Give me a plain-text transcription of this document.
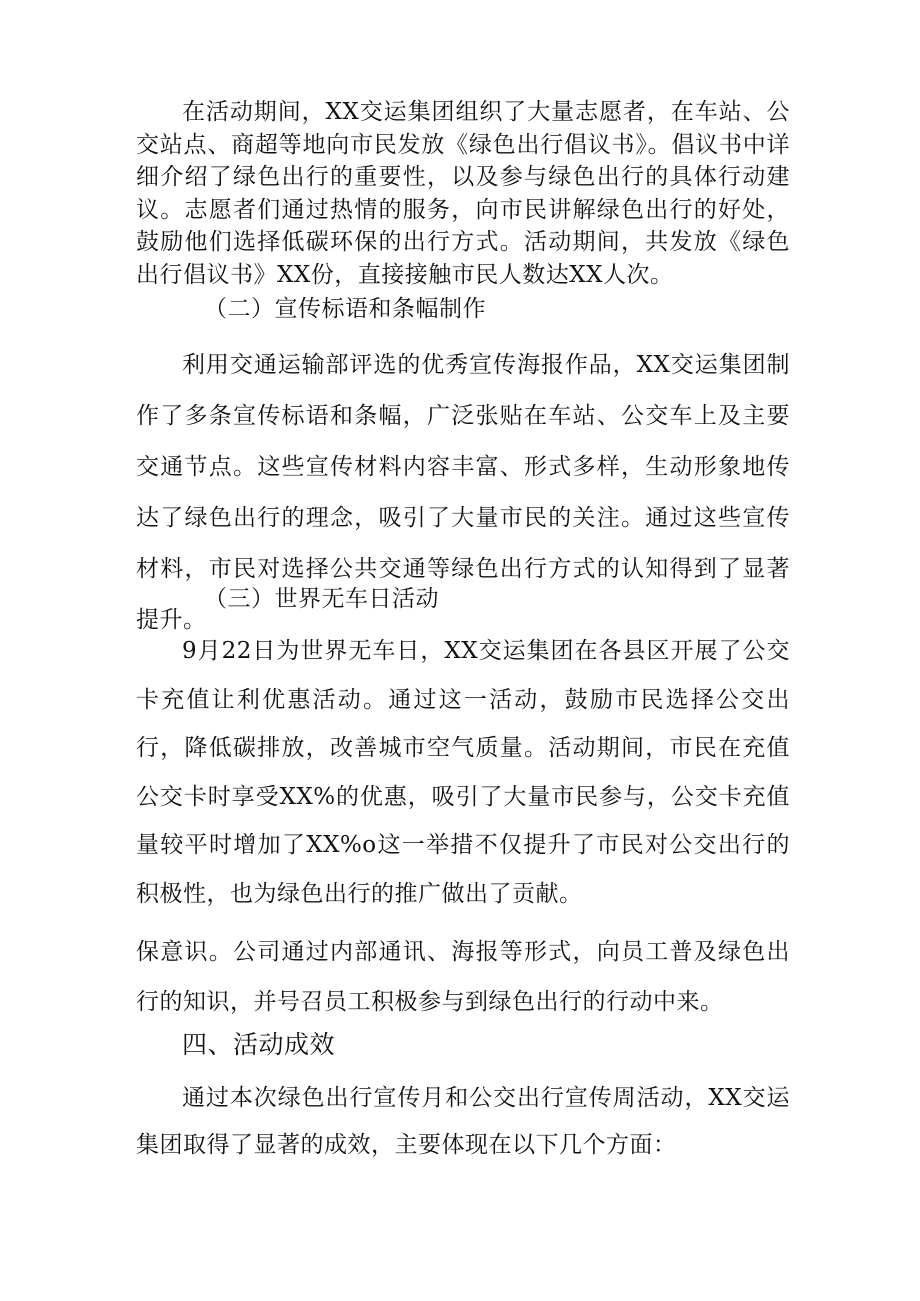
在活动期间，XX交运集团组织了大量志愿者，在车站、公交站点、商超等地向市民发放《绿色出行倡议书》。倡议书中详细介绍了绿色出行的重要性，以及参与绿色出行的具体行动建议。志愿者们通过热情的服务，向市民讲解绿色出行的好处，鼓励他们选择低碳环保的出行方式。活动期间，共发放《绿色出行倡议书》XX份，直接接触市民人数达XX人次。

（二）宣传标语和条幅制作

利用交通运输部评选的优秀宣传海报作品，XX交运集团制作了多条宣传标语和条幅，广泛张贴在车站、公交车上及主要交通节点。这些宣传材料内容丰富、形式多样，生动形象地传达了绿色出行的理念，吸引了大量市民的关注。通过这些宣传材料，市民对选择公共交通等绿色出行方式的认知得到了显著提升。

（三）世界无车日活动

9月22日为世界无车日，XX交运集团在各县区开展了公交卡充值让利优惠活动。通过这一活动，鼓励市民选择公交出行，降低碳排放，改善城市空气质量。活动期间，市民在充值公交卡时享受XX%的优惠，吸引了大量市民参与，公交卡充值量较平时增加了XX%o这一举措不仅提升了市民对公交出行的积极性，也为绿色出行的推广做出了贡献。

保意识。公司通过内部通讯、海报等形式，向员工普及绿色出行的知识，并号召员工积极参与到绿色出行的行动中来。

四、活动成效

通过本次绿色出行宣传月和公交出行宣传周活动，XX交运集团取得了显著的成效，主要体现在以下几个方面：
